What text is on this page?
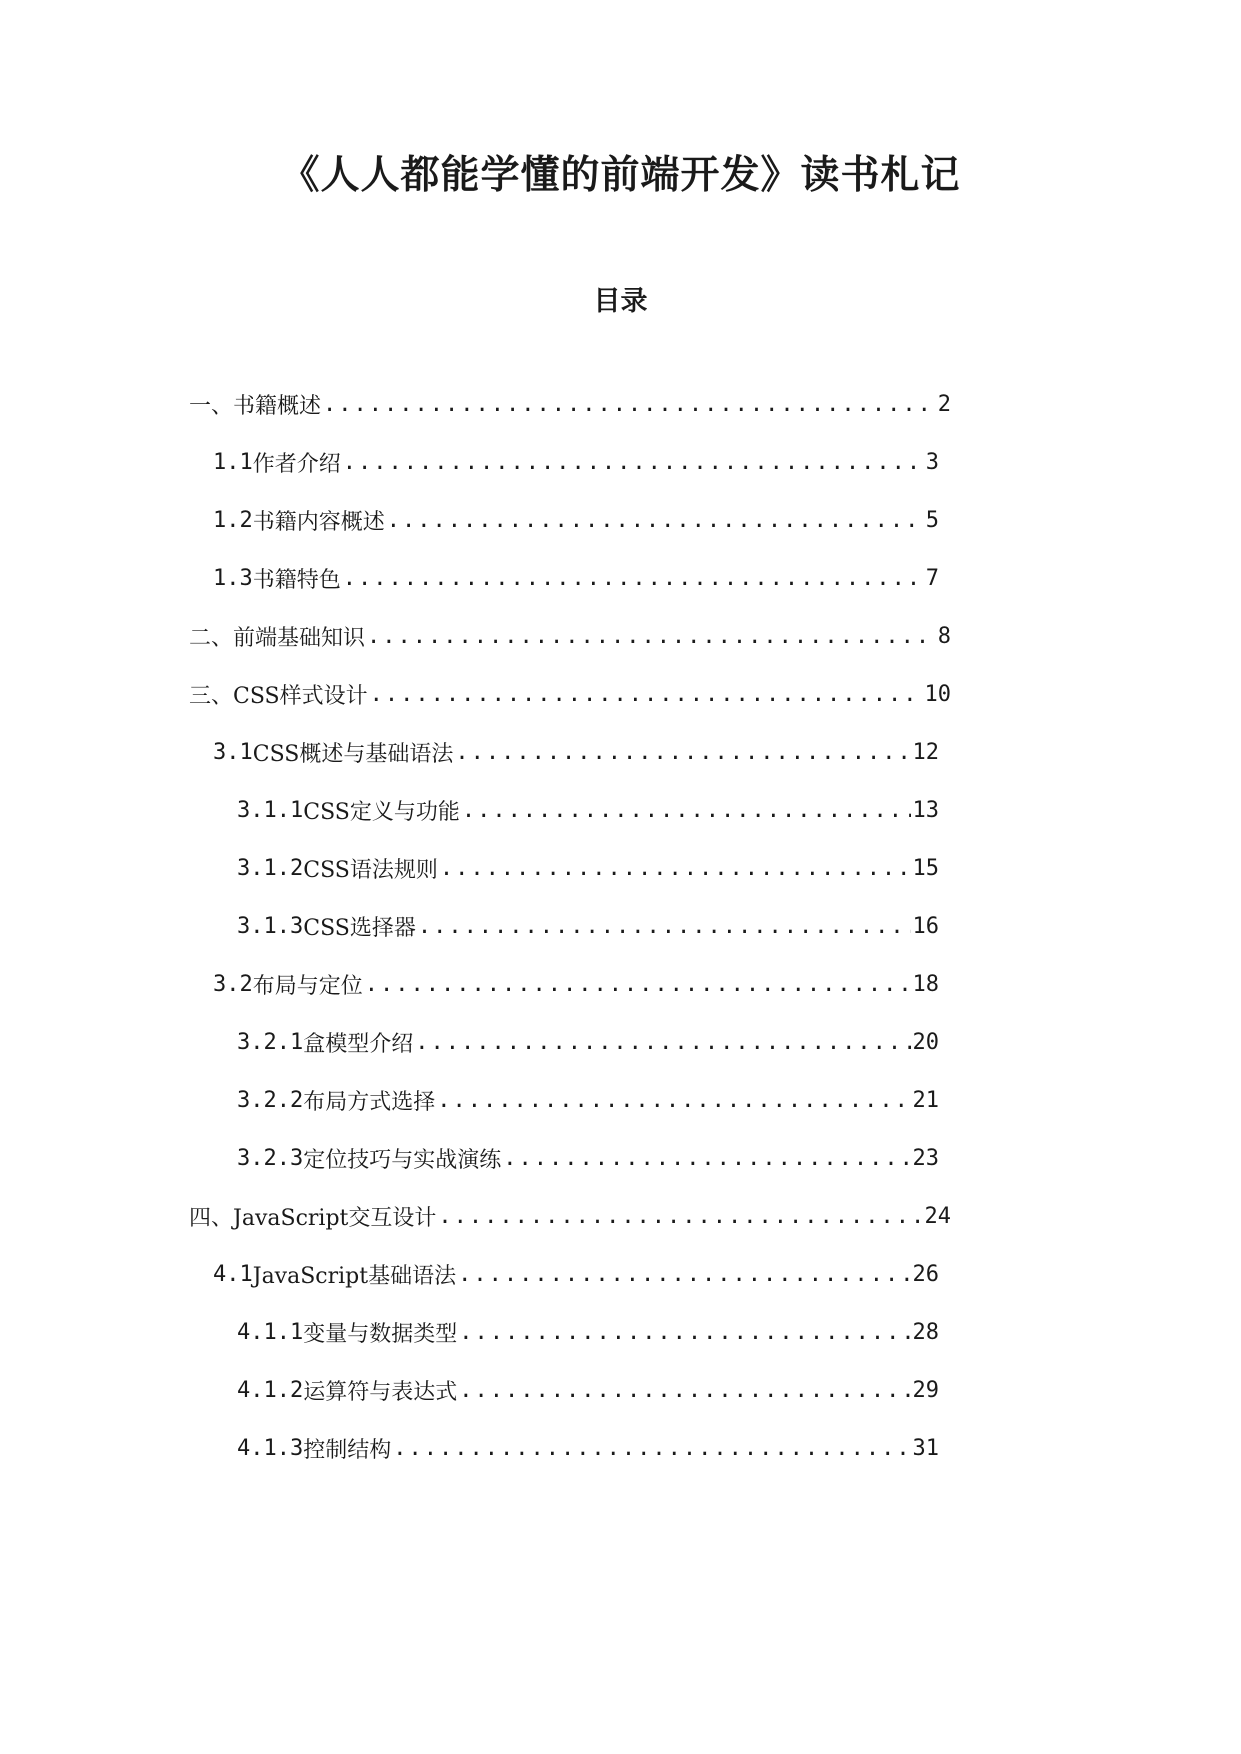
《人人都能学懂的前端开发》读书札记
目录
一、 书籍概述 .....	2
1.1 作者介绍 .....	3
1.2 书籍内容概述 .....	5
1.3 书籍特色 .....	7
二、 前端基础知识 .....	8
三、 CSS样式设计 .....	10
3.1 CSS概述与基础语法 .....	12
3.1.1 CSS定义与功能 .....	13
3.1.2 CSS语法规则 .....	15
3.1.3 CSS选择器 .....	16
3.2 布局与定位 .....	18
3.2.1 盒模型介绍 .....	20
3.2.2 布局方式选择 .....	21
3.2.3 定位技巧与实战演练 .....	23
四、 JavaScript交互设计 .....	24
4.1 JavaScript基础语法 .....	26
4.1.1 变量与数据类型 .....	28
4.1.2 运算符与表达式 .....	29
4.1.3 控制结构 .....	31
